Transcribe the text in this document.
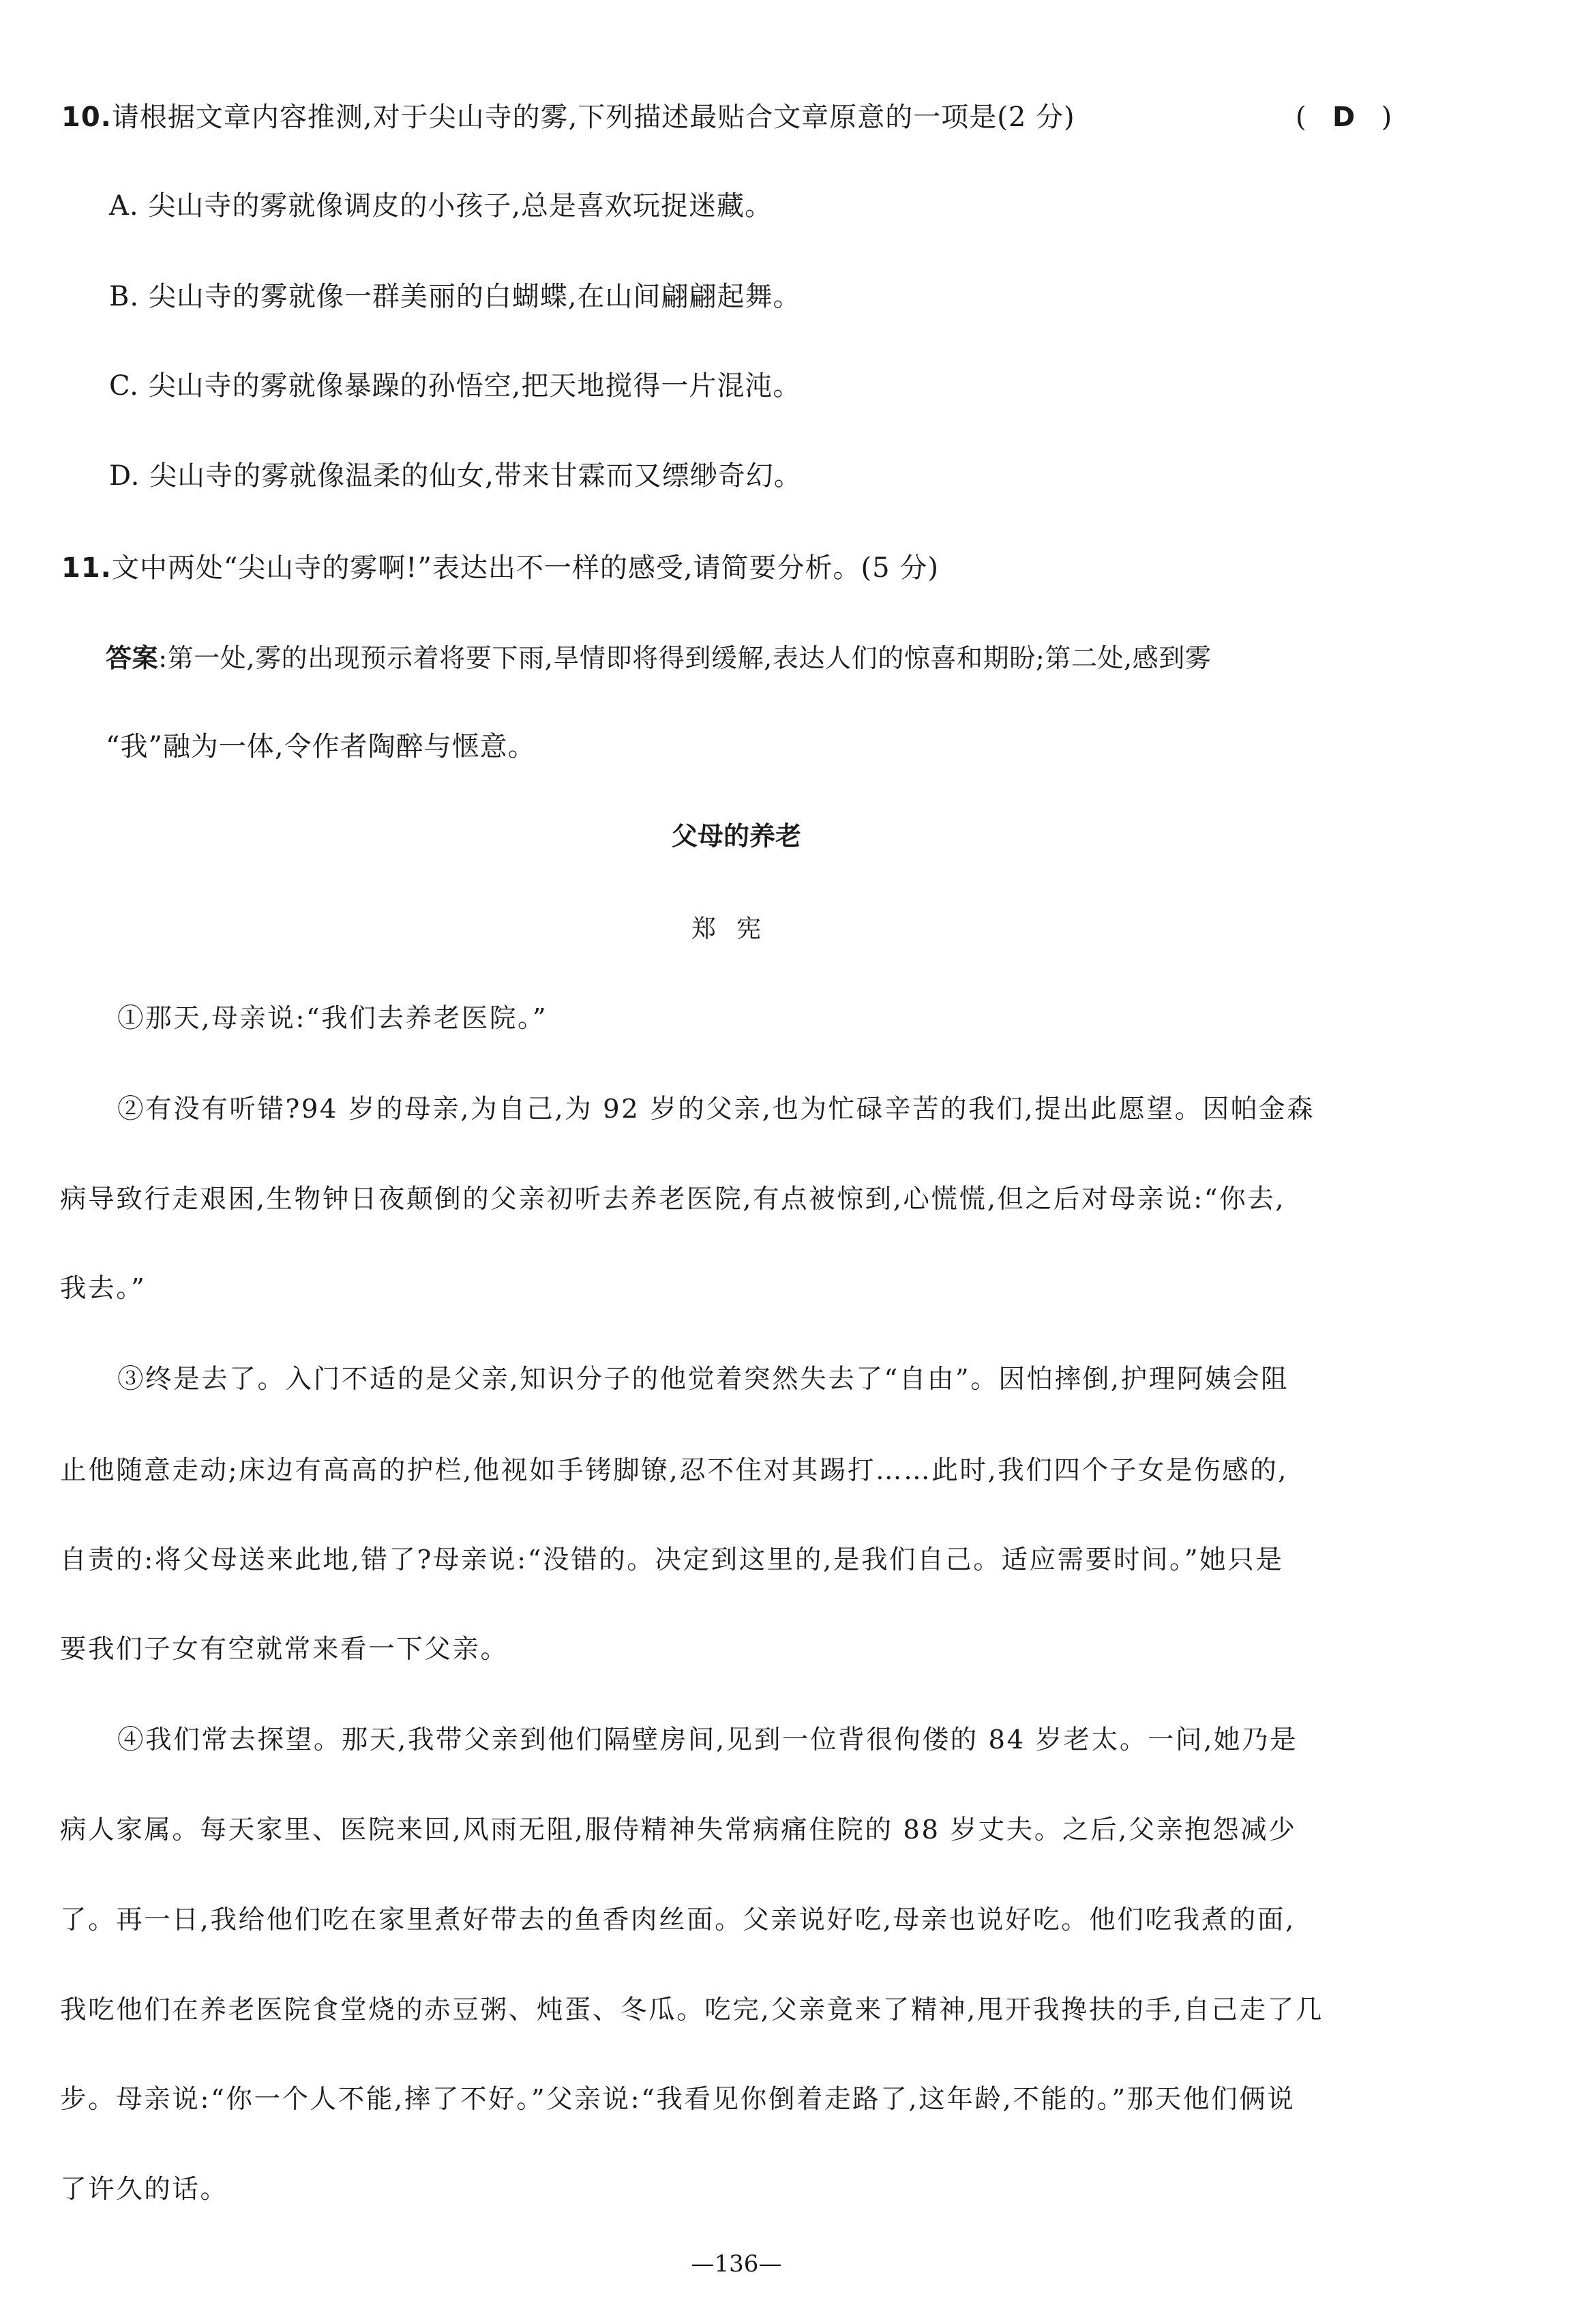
10.请根据文章内容推测,对于尖山寺的雾,下列描述最贴合文章原意的一项是(2 分)	( D )
A. 尖山寺的雾就像调皮的小孩子,总是喜欢玩捉迷藏。
B. 尖山寺的雾就像一群美丽的白蝴蝶,在山间翩翩起舞。
C. 尖山寺的雾就像暴躁的孙悟空,把天地搅得一片混沌。
D. 尖山寺的雾就像温柔的仙女,带来甘霖而又缥缈奇幻。
11.文中两处“尖山寺的雾啊!”表达出不一样的感受,请简要分析。(5 分)
答案:第一处,雾的出现预示着将要下雨,旱情即将得到缓解,表达人们的惊喜和期盼;第二处,感到雾
“我”融为一体,令作者陶醉与惬意。
父母的养老
郑宪
①那天,母亲说:“我们去养老医院。”
②有没有听错?94 岁的母亲,为自己,为 92 岁的父亲,也为忙碌辛苦的我们,提出此愿望。因帕金森
病导致行走艰困,生物钟日夜颠倒的父亲初听去养老医院,有点被惊到,心慌慌,但之后对母亲说:“你去,
我去。”
③终是去了。入门不适的是父亲,知识分子的他觉着突然失去了“自由”。因怕摔倒,护理阿姨会阻
止他随意走动;床边有高高的护栏,他视如手铐脚镣,忍不住对其踢打……此时,我们四个子女是伤感的,
自责的:将父母送来此地,错了?母亲说:“没错的。决定到这里的,是我们自己。适应需要时间。”她只是
要我们子女有空就常来看一下父亲。
④我们常去探望。那天,我带父亲到他们隔壁房间,见到一位背很佝偻的 84 岁老太。一问,她乃是
病人家属。每天家里、医院来回,风雨无阻,服侍精神失常病痛住院的 88 岁丈夫。之后,父亲抱怨减少
了。再一日,我给他们吃在家里煮好带去的鱼香肉丝面。父亲说好吃,母亲也说好吃。他们吃我煮的面,
我吃他们在养老医院食堂烧的赤豆粥、炖蛋、冬瓜。吃完,父亲竟来了精神,甩开我搀扶的手,自己走了几
步。母亲说:“你一个人不能,摔了不好。”父亲说:“我看见你倒着走路了,这年龄,不能的。”那天他们俩说
了许久的话。
—136—
